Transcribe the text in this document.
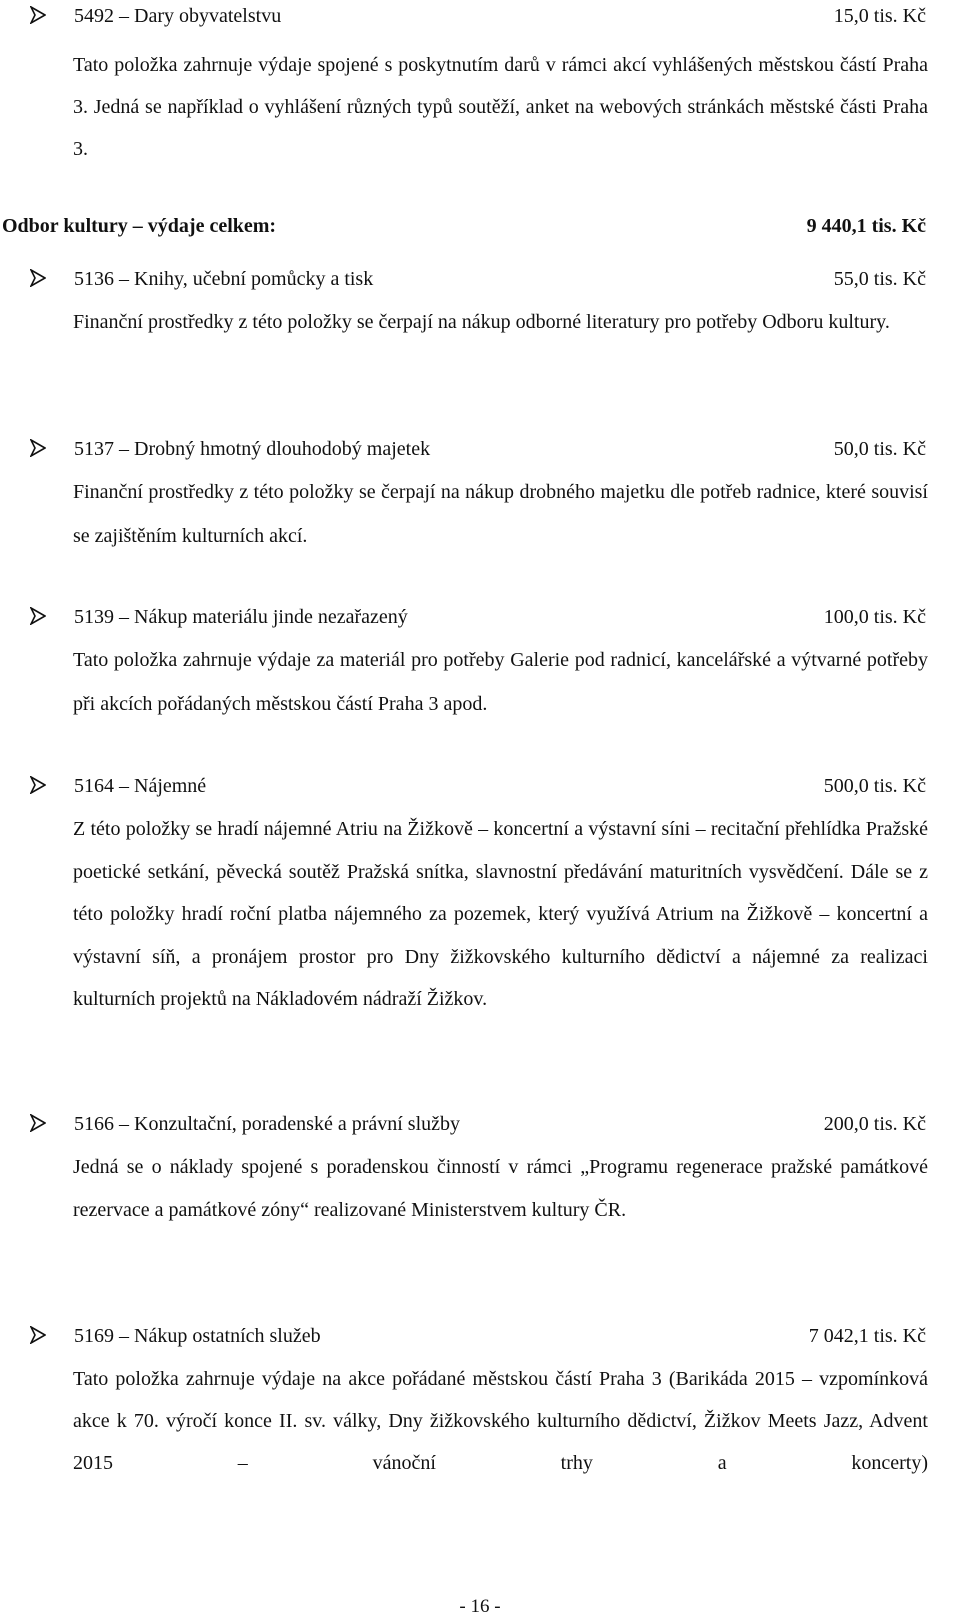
5492 – Dary obyvatelstvu	15,0 tis. Kč

Tato položka zahrnuje výdaje spojené s poskytnutím darů v rámci akcí vyhlášených městskou částí Praha 3. Jedná se například o vyhlášení různých typů soutěží, anket na webových stránkách městské části Praha 3.

Odbor kultury – výdaje celkem:	9 440,1 tis. Kč
5136 – Knihy, učební pomůcky a tisk	55,0 tis. Kč

Finanční prostředky z této položky se čerpají na nákup odborné literatury pro potřeby Odboru kultury.

5137 – Drobný hmotný dlouhodobý majetek	50,0 tis. Kč

Finanční prostředky z této položky se čerpají na nákup drobného majetku dle potřeb radnice, které souvisí se zajištěním kulturních akcí.

5139 – Nákup materiálu jinde nezařazený	100,0 tis. Kč

Tato položka zahrnuje výdaje za materiál pro potřeby Galerie pod radnicí, kancelářské a výtvarné potřeby při akcích pořádaných městskou částí Praha 3 apod.

5164 – Nájemné	500,0 tis. Kč

Z této položky se hradí nájemné Atriu na Žižkově – koncertní a výstavní síni – recitační přehlídka Pražské poetické setkání, pěvecká soutěž Pražská snítka, slavnostní předávání maturitních vysvědčení. Dále se z této položky hradí roční platba nájemného za pozemek, který využívá Atrium na Žižkově – koncertní a výstavní síň, a pronájem prostor pro Dny žižkovského kulturního dědictví a nájemné za realizaci kulturních projektů na Nákladovém nádraží Žižkov.

5166 – Konzultační, poradenské a právní služby	200,0 tis. Kč

Jedná se o náklady spojené s poradenskou činností v rámci „Programu regenerace pražské památkové rezervace a památkové zóny“ realizované Ministerstvem kultury ČR.

5169 – Nákup ostatních služeb	7 042,1 tis. Kč

Tato položka zahrnuje výdaje na akce pořádané městskou částí Praha 3 (Barikáda 2015 – vzpomínková akce k 70. výročí konce II. sv. války, Dny žižkovského kulturního dědictví, Žižkov Meets Jazz, Advent 2015 – vánoční trhy a koncerty)

- 16 -
